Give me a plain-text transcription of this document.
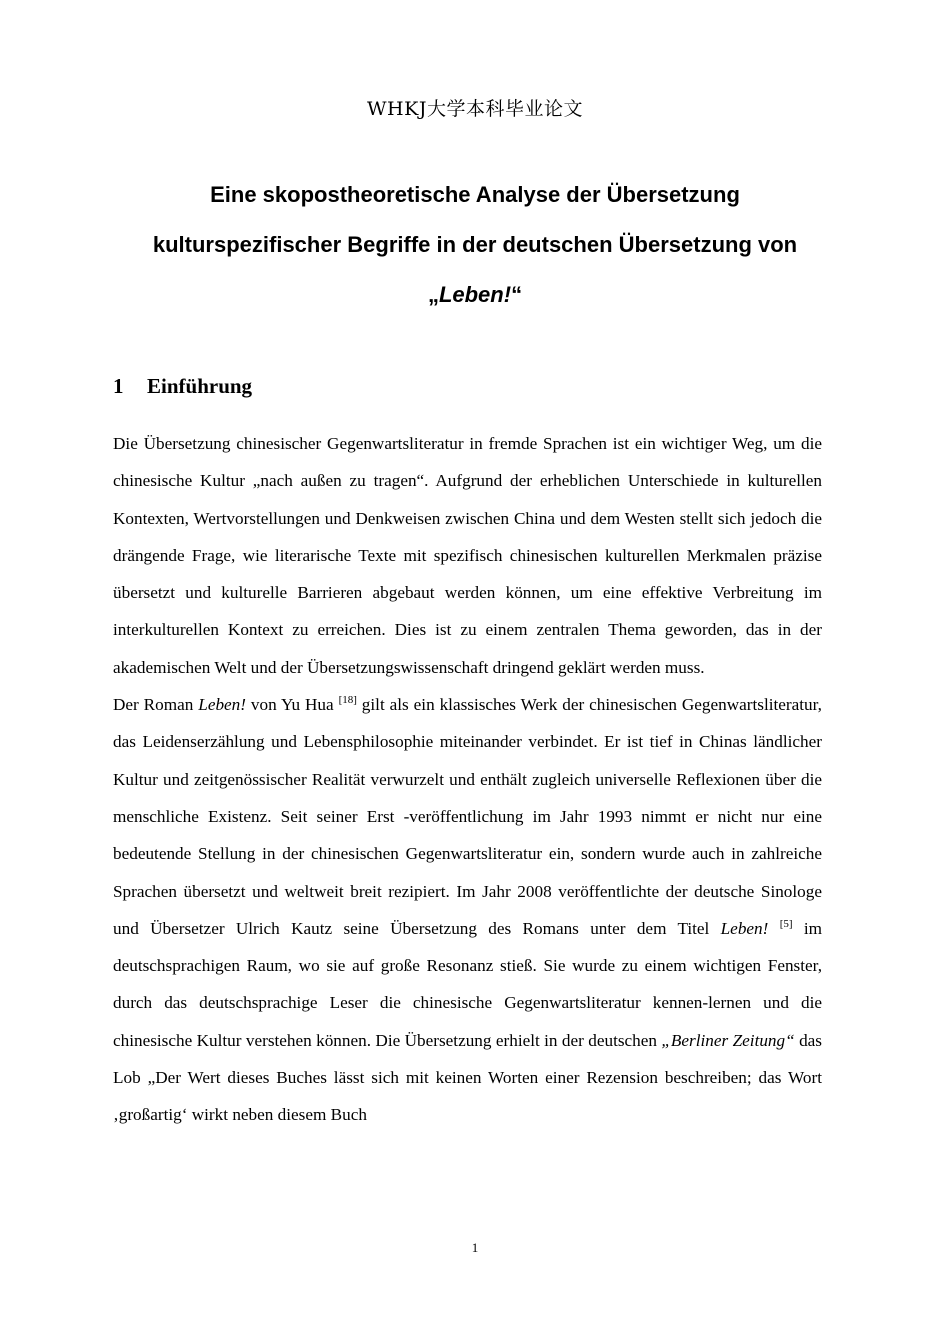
WHKJ大学本科毕业论文
Eine skopostheoretische Analyse der Übersetzung
kulturspezifischer Begriffe in der deutschen Übersetzung von
„Leben!“
1 Einführung

Die Übersetzung chinesischer Gegenwartsliteratur in fremde Sprachen ist ein wichtiger Weg, um die chinesische Kultur „nach außen zu tragen“. Aufgrund der erheblichen Unterschiede in kulturellen Kontexten, Wertvorstellungen und Denkweisen zwischen China und dem Westen stellt sich jedoch die drängende Frage, wie literarische Texte mit spezifisch chinesischen kulturellen Merkmalen präzise übersetzt und kulturelle Barrieren abgebaut werden können, um eine effektive Verbreitung im interkulturellen Kontext zu erreichen. Dies ist zu einem zentralen Thema geworden, das in der akademischen Welt und der Übersetzungswissenschaft dringend geklärt werden muss.

Der Roman Leben! von Yu Hua [18] gilt als ein klassisches Werk der chinesischen Gegenwartsliteratur, das Leidenserzählung und Lebensphilosophie miteinander verbindet. Er ist tief in Chinas ländlicher Kultur und zeitgenössischer Realität verwurzelt und enthält zugleich universelle Reflexionen über die menschliche Existenz. Seit seiner Erst -veröffentlichung im Jahr 1993 nimmt er nicht nur eine bedeutende Stellung in der chinesischen Gegenwartsliteratur ein, sondern wurde auch in zahlreiche Sprachen übersetzt und weltweit breit rezipiert. Im Jahr 2008 veröffentlichte der deutsche Sinologe und Übersetzer Ulrich Kautz seine Übersetzung des Romans unter dem Titel Leben! [5] im deutschsprachigen Raum, wo sie auf große Resonanz stieß. Sie wurde zu einem wichtigen Fenster, durch das deutschsprachige Leser die chinesische Gegenwartsliteratur kennen-lernen und die chinesische Kultur verstehen können. Die Übersetzung erhielt in der deutschen „Berliner Zeitung“ das Lob „Der Wert dieses Buches lässt sich mit keinen Worten einer Rezension beschreiben; das Wort ‚großartig‘ wirkt neben diesem Buch

1
